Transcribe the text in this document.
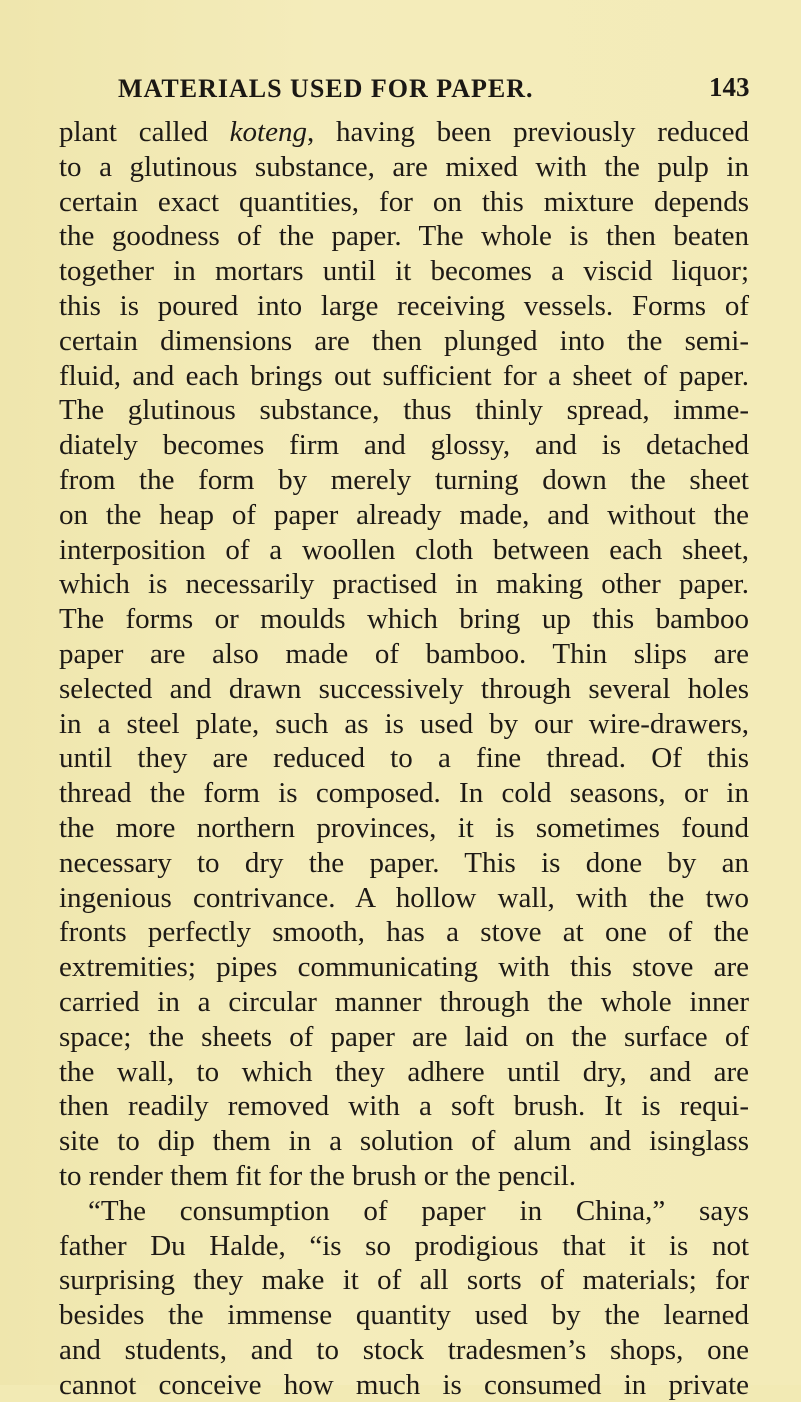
MATERIALS USED FOR PAPER.	143
plant called koteng, having been previously reduced
to a glutinous substance, are mixed with the pulp in
certain exact quantities, for on this mixture depends
the goodness of the paper. The whole is then beaten
together in mortars until it becomes a viscid liquor;
this is poured into large receiving vessels. Forms of
certain dimensions are then plunged into the semi-
fluid, and each brings out sufficient for a sheet of paper.
The glutinous substance, thus thinly spread, imme-
diately becomes firm and glossy, and is detached
from the form by merely turning down the sheet
on the heap of paper already made, and without the
interposition of a woollen cloth between each sheet,
which is necessarily practised in making other paper.
The forms or moulds which bring up this bamboo
paper are also made of bamboo. Thin slips are
selected and drawn successively through several holes
in a steel plate, such as is used by our wire-drawers,
until they are reduced to a fine thread. Of this
thread the form is composed. In cold seasons, or in
the more northern provinces, it is sometimes found
necessary to dry the paper. This is done by an
ingenious contrivance. A hollow wall, with the two
fronts perfectly smooth, has a stove at one of the
extremities; pipes communicating with this stove are
carried in a circular manner through the whole inner
space; the sheets of paper are laid on the surface of
the wall, to which they adhere until dry, and are
then readily removed with a soft brush. It is requi-
site to dip them in a solution of alum and isinglass
to render them fit for the brush or the pencil.
“The consumption of paper in China,” says
father Du Halde, “is so prodigious that it is not
surprising they make it of all sorts of materials; for
besides the immense quantity used by the learned
and students, and to stock tradesmen’s shops, one
cannot conceive how much is consumed in private
